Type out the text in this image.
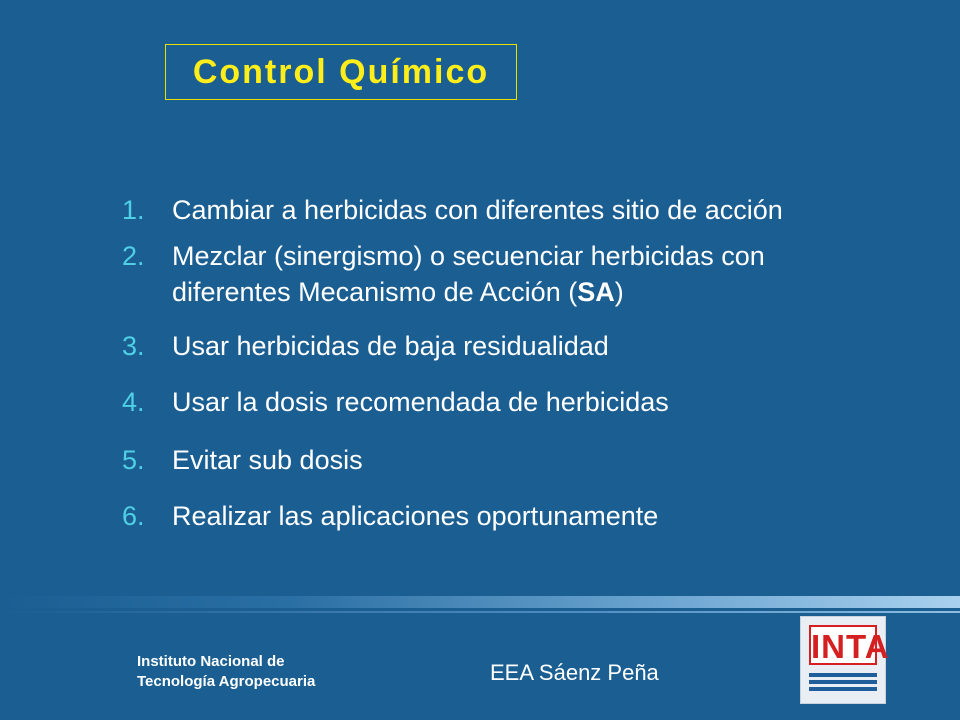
Control Químico
1.	Cambiar a herbicidas con diferentes sitio de acción
2.	Mezclar (sinergismo) o secuenciar herbicidas con
diferentes Mecanismo de Acción (SA)
3.	Usar herbicidas de baja residualidad
4.	Usar la dosis recomendada de herbicidas
5.	Evitar sub dosis
6.	Realizar las aplicaciones oportunamente
Instituto Nacional de
Tecnología Agropecuaria	EEA Sáenz Peña
INTA
